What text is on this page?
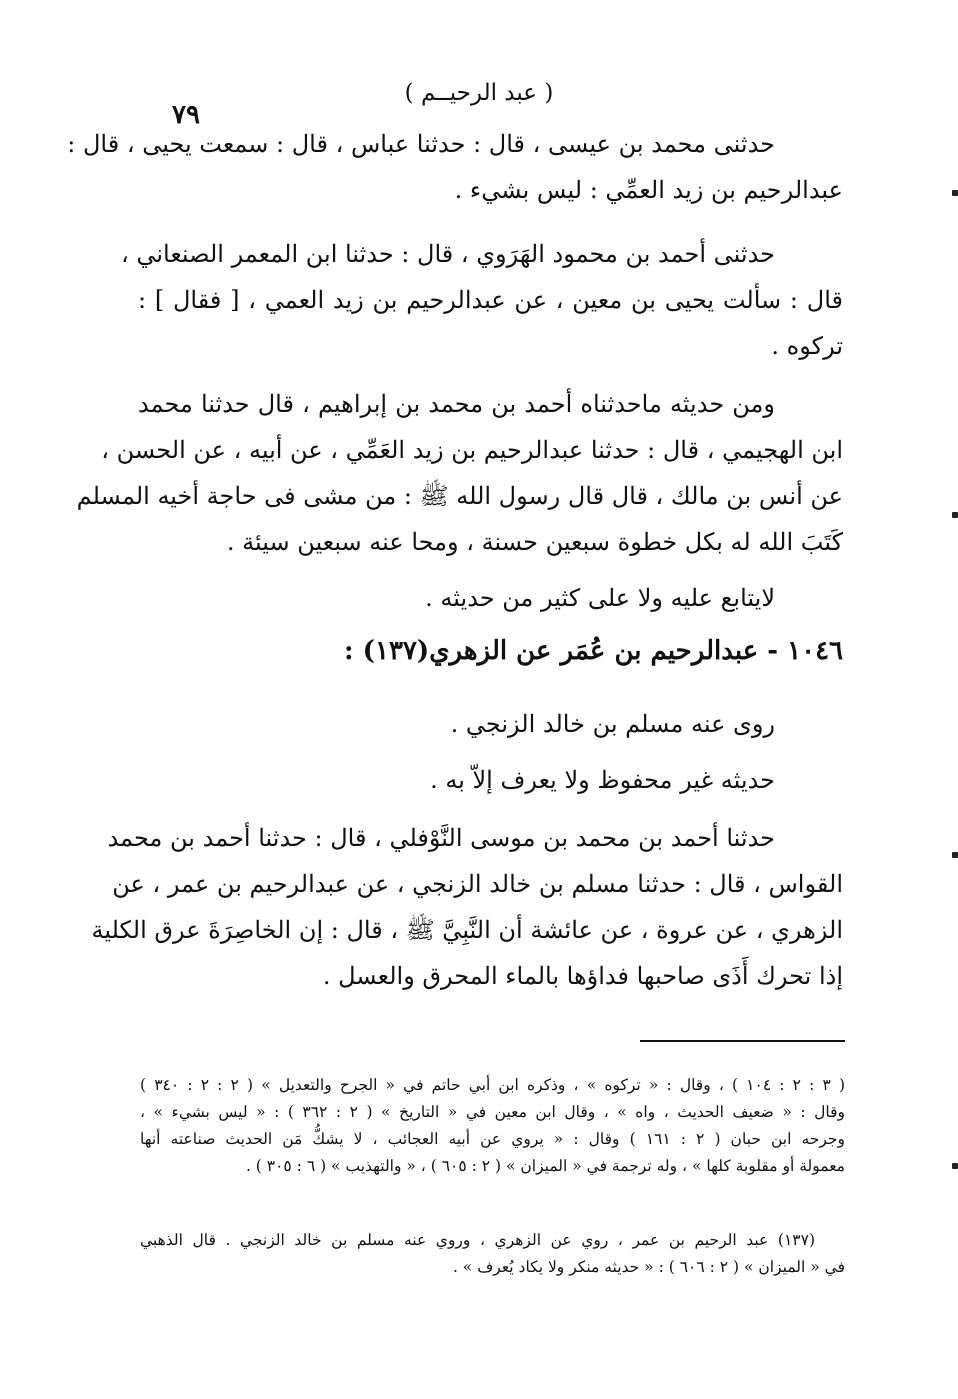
( عبد الرحيــم )
٧٩
حدثنى محمد بن عيسى ، قال : حدثنا عباس ، قال : سمعت يحيى ، قال :
عبدالرحيم بن زيد العمِّي : ليس بشيء .
حدثنى أحمد بن محمود الهَرَوي ، قال : حدثنا ابن المعمر الصنعاني ،
قال : سألت يحيى بن معين ، عن عبدالرحيم بن زيد العمي ، [ فقال ] :
تركوه .
ومن حديثه ماحدثناه أحمد بن محمد بن إبراهيم ، قال حدثنا محمد
ابن الهجيمي ، قال : حدثنا عبدالرحيم بن زيد العَمِّي ، عن أبيه ، عن الحسن ،
عن أنس بن مالك ، قال قال رسول الله ﷺ : من مشى فى حاجة أخيه المسلم
كَتَبَ الله له بكل خطوة سبعين حسنة ، ومحا عنه سبعين سيئة .
لايتابع عليه ولا على كثير من حديثه .
١٠٤٦ - عبدالرحيم بن عُمَر عن الزهري(١٣٧) :
روى عنه مسلم بن خالد الزنجي .
حديثه غير محفوظ ولا يعرف إلاّ به .
حدثنا أحمد بن محمد بن موسى النَّوْفلي ، قال : حدثنا أحمد بن محمد
القواس ، قال : حدثنا مسلم بن خالد الزنجي ، عن عبدالرحيم بن عمر ، عن
الزهري ، عن عروة ، عن عائشة أن النَّبِيَّ ﷺ ، قال : إن الخاصِرَةَ عرق الكلية
إذا تحرك أَذَى صاحبها فداؤها بالماء المحرق والعسل .
( ٣ : ٢ : ١٠٤ ) ، وقال : « تركوه » ، وذكره ابن أبي حاتم في « الجرح والتعديل » ( ٢ : ٢ : ٣٤٠ )
وقال : « ضعيف الحديث ، واه » ، وقال ابن معين في « التاريخ » ( ٢ : ٣٦٢ ) : « ليس بشيء » ،
وجرحه ابن حبان ( ٢ : ١٦١ ) وقال : « يروي عن أبيه العجائب ، لا يشكُّ مَن الحديث صناعته أنها
معمولة أو مقلوبة كلها » ، وله ترجمة في « الميزان » ( ٢ : ٦٠٥ ) ، « والتهذيب » ( ٦ : ٣٠٥ ) .
(١٣٧) عبد الرحيم بن عمر ، روي عن الزهري ، وروي عنه مسلم بن خالد الزنجي . قال الذهبي
في « الميزان » ( ٢ : ٦٠٦ ) : « حديثه منكر ولا يكاد يُعرف » .
